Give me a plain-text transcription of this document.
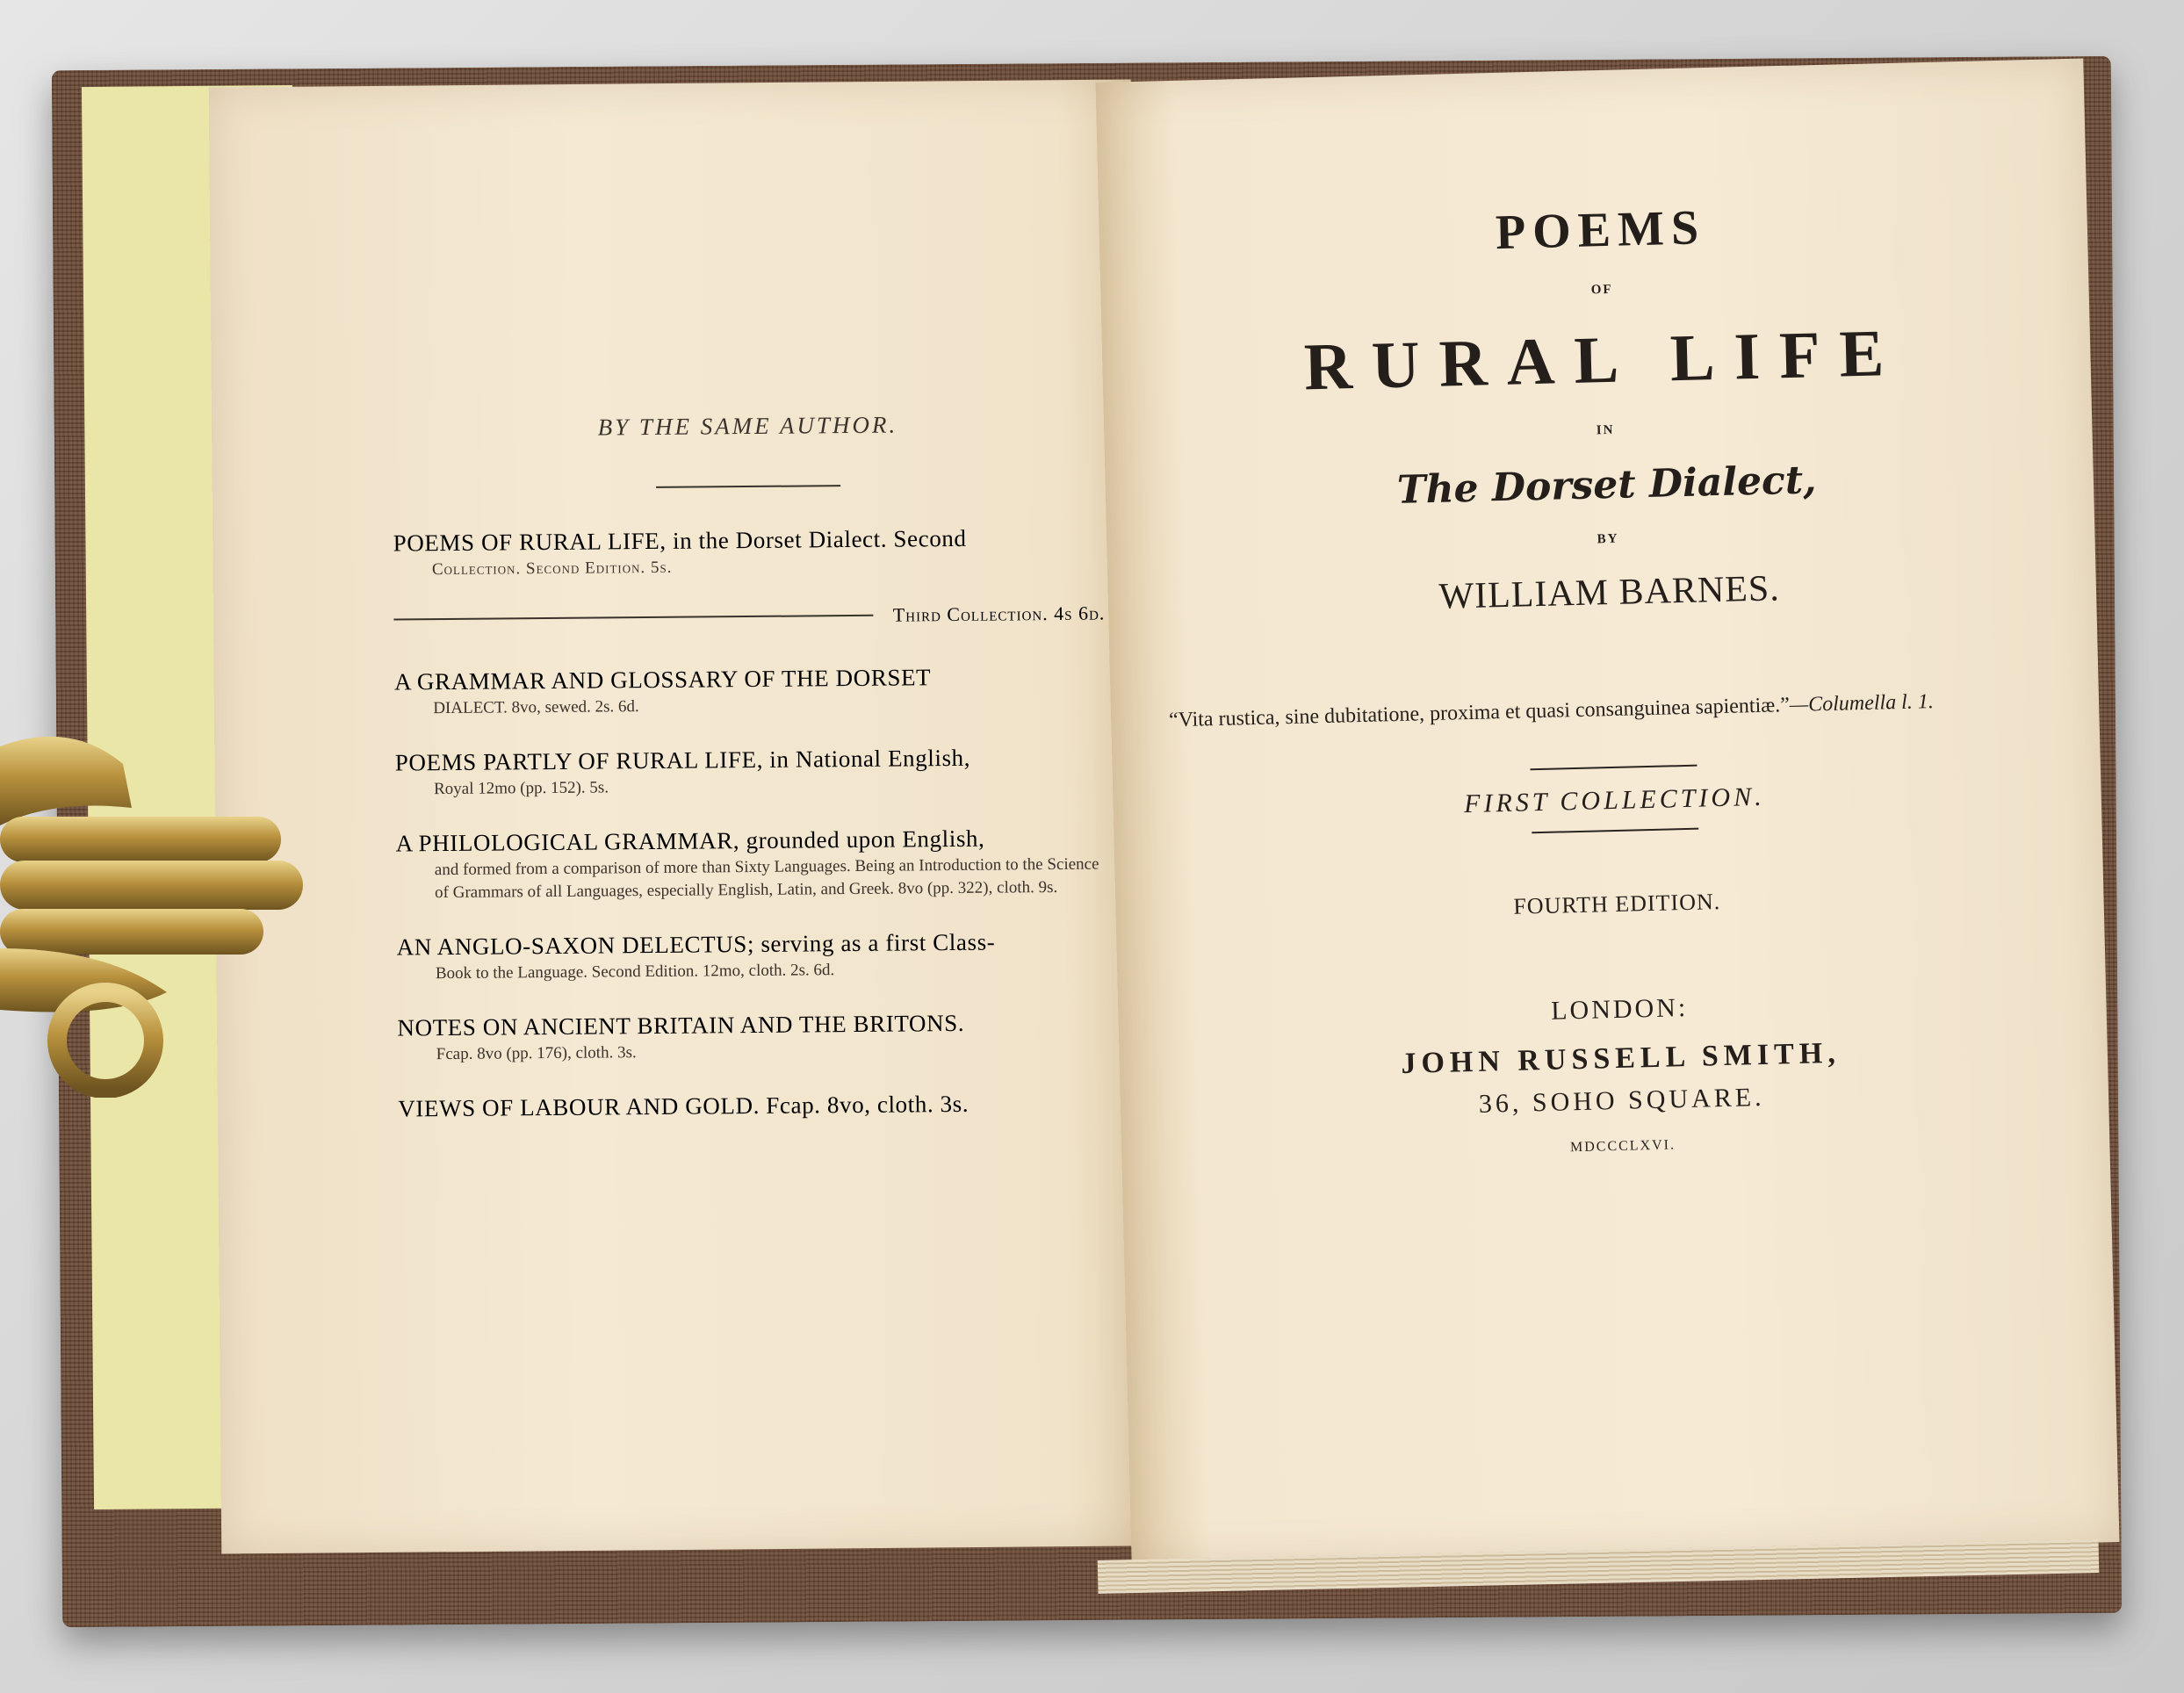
BY THE SAME AUTHOR.
POEMS OF RURAL LIFE, in the Dorset Dialect. Second
Collection. Second Edition. 5s.
Third Collection. 4s 6d.
A GRAMMAR AND GLOSSARY OF THE DORSET
DIALECT. 8vo, sewed. 2s. 6d.
POEMS PARTLY OF RURAL LIFE, in National English,
Royal 12mo (pp. 152). 5s.
A PHILOLOGICAL GRAMMAR, grounded upon English,
and formed from a comparison of more than Sixty Languages. Being an Introduction to the Science of Grammars of all Languages, especially English, Latin, and Greek. 8vo (pp. 322), cloth. 9s.
AN ANGLO-SAXON DELECTUS; serving as a first Class-
Book to the Language. Second Edition. 12mo, cloth. 2s. 6d.
NOTES ON ANCIENT BRITAIN AND THE BRITONS.
Fcap. 8vo (pp. 176), cloth. 3s.
VIEWS OF LABOUR AND GOLD. Fcap. 8vo, cloth. 3s.
POEMS
OF
RURAL LIFE
IN
The Dorset Dialect,
BY
WILLIAM BARNES.
“Vita rustica, sine dubitatione, proxima et quasi consanguinea sapientiæ.”—Columella l. 1.
FIRST COLLECTION.
FOURTH EDITION.
LONDON:
JOHN RUSSELL SMITH,
36, SOHO SQUARE.
MDCCCLXVI.
